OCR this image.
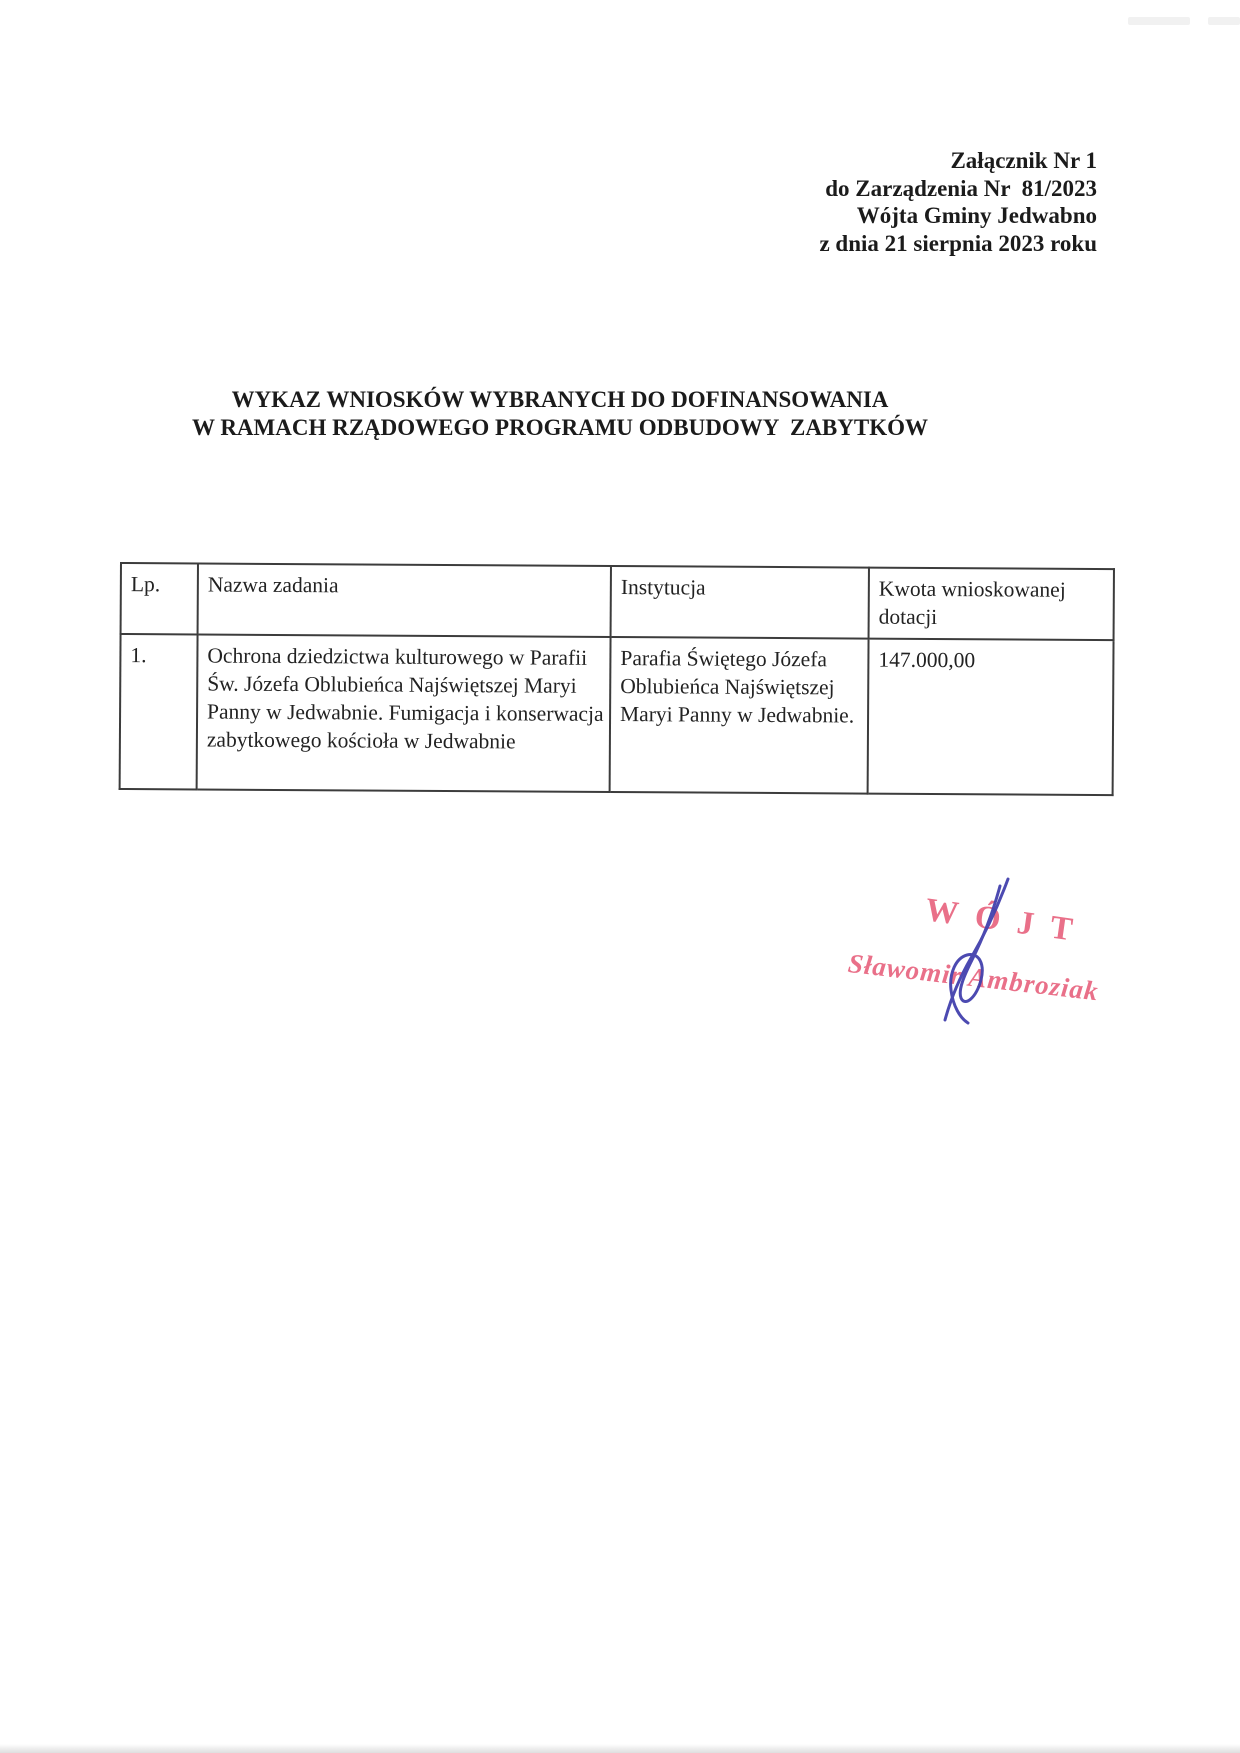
Załącznik Nr 1
do Zarządzenia Nr  81/2023
Wójta Gminy Jedwabno
z dnia 21 sierpnia 2023 roku
WYKAZ WNIOSKÓW WYBRANYCH DO DOFINANSOWANIA
W RAMACH RZĄDOWEGO PROGRAMU ODBUDOWY  ZABYTKÓW
Lp.	Nazwa zadania	Instytucja	Kwota wnioskowanej dotacji
1.	Ochrona dziedzictwa kulturowego w Parafii Św. Józefa Oblubieńca Najświętszej Maryi Panny w Jedwabnie. Fumigacja i konserwacja zabytkowego kościoła w Jedwabnie	Parafia Świętego Józefa Oblubieńca Najświętszej Maryi Panny w Jedwabnie.	147.000,00
WÓJT
Sławomir Ambroziak
